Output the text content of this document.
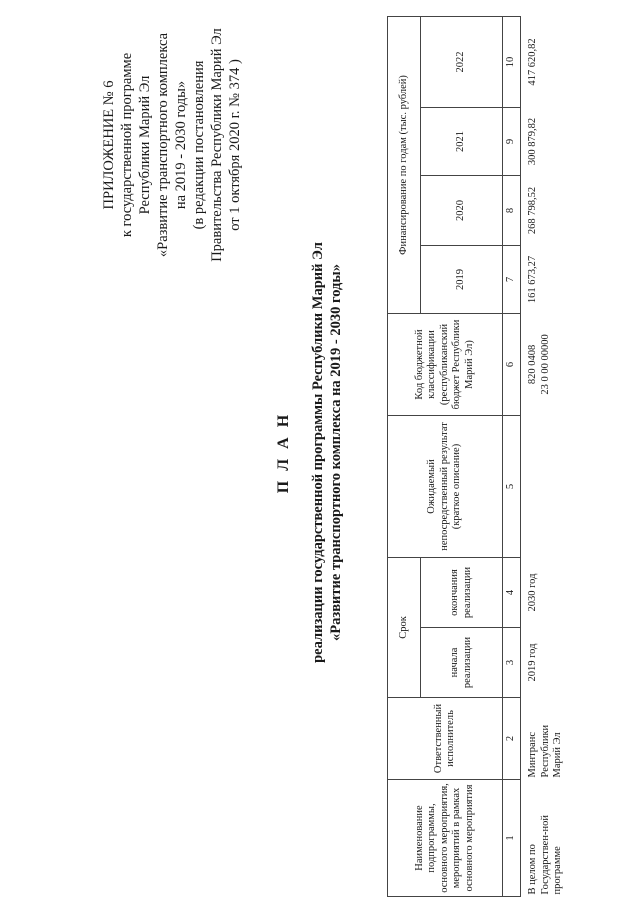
ПРИЛОЖЕНИЕ № 6 к государственной программе Республики Марий Эл «Развитие транспортного комплекса на 2019 - 2030 годы» (в редакции постановления Правительства Республики Марий Эл от 1 октября 2020 г. № 374 )
П Л А Н реализации государственной программы Республики Марий Эл «Развитие транспортного комплекса на 2019 - 2030 годы»
Наименование подпрограммы, основного мероприятия, мероприятий в рамках основного мероприятия	Ответственный исполнитель	Срок		Ожидаемый непосредственный результат (краткое описание)	Код бюджетной классификации (республиканский бюджет Республики Марий Эл)	Финансирование по годам (тыс. рублей)			
		начала реализации	окончания реализации			2019	2020	2021	2022
1	2	3	4	5	6	7	8	9	10
В целом по Государствен-ной программе	Минтранс Республики Марий Эл	2019 год	2030 год		820 0408 23 0 00 00000	161 673,27	268 798,52	300 879,82	417 620,82
